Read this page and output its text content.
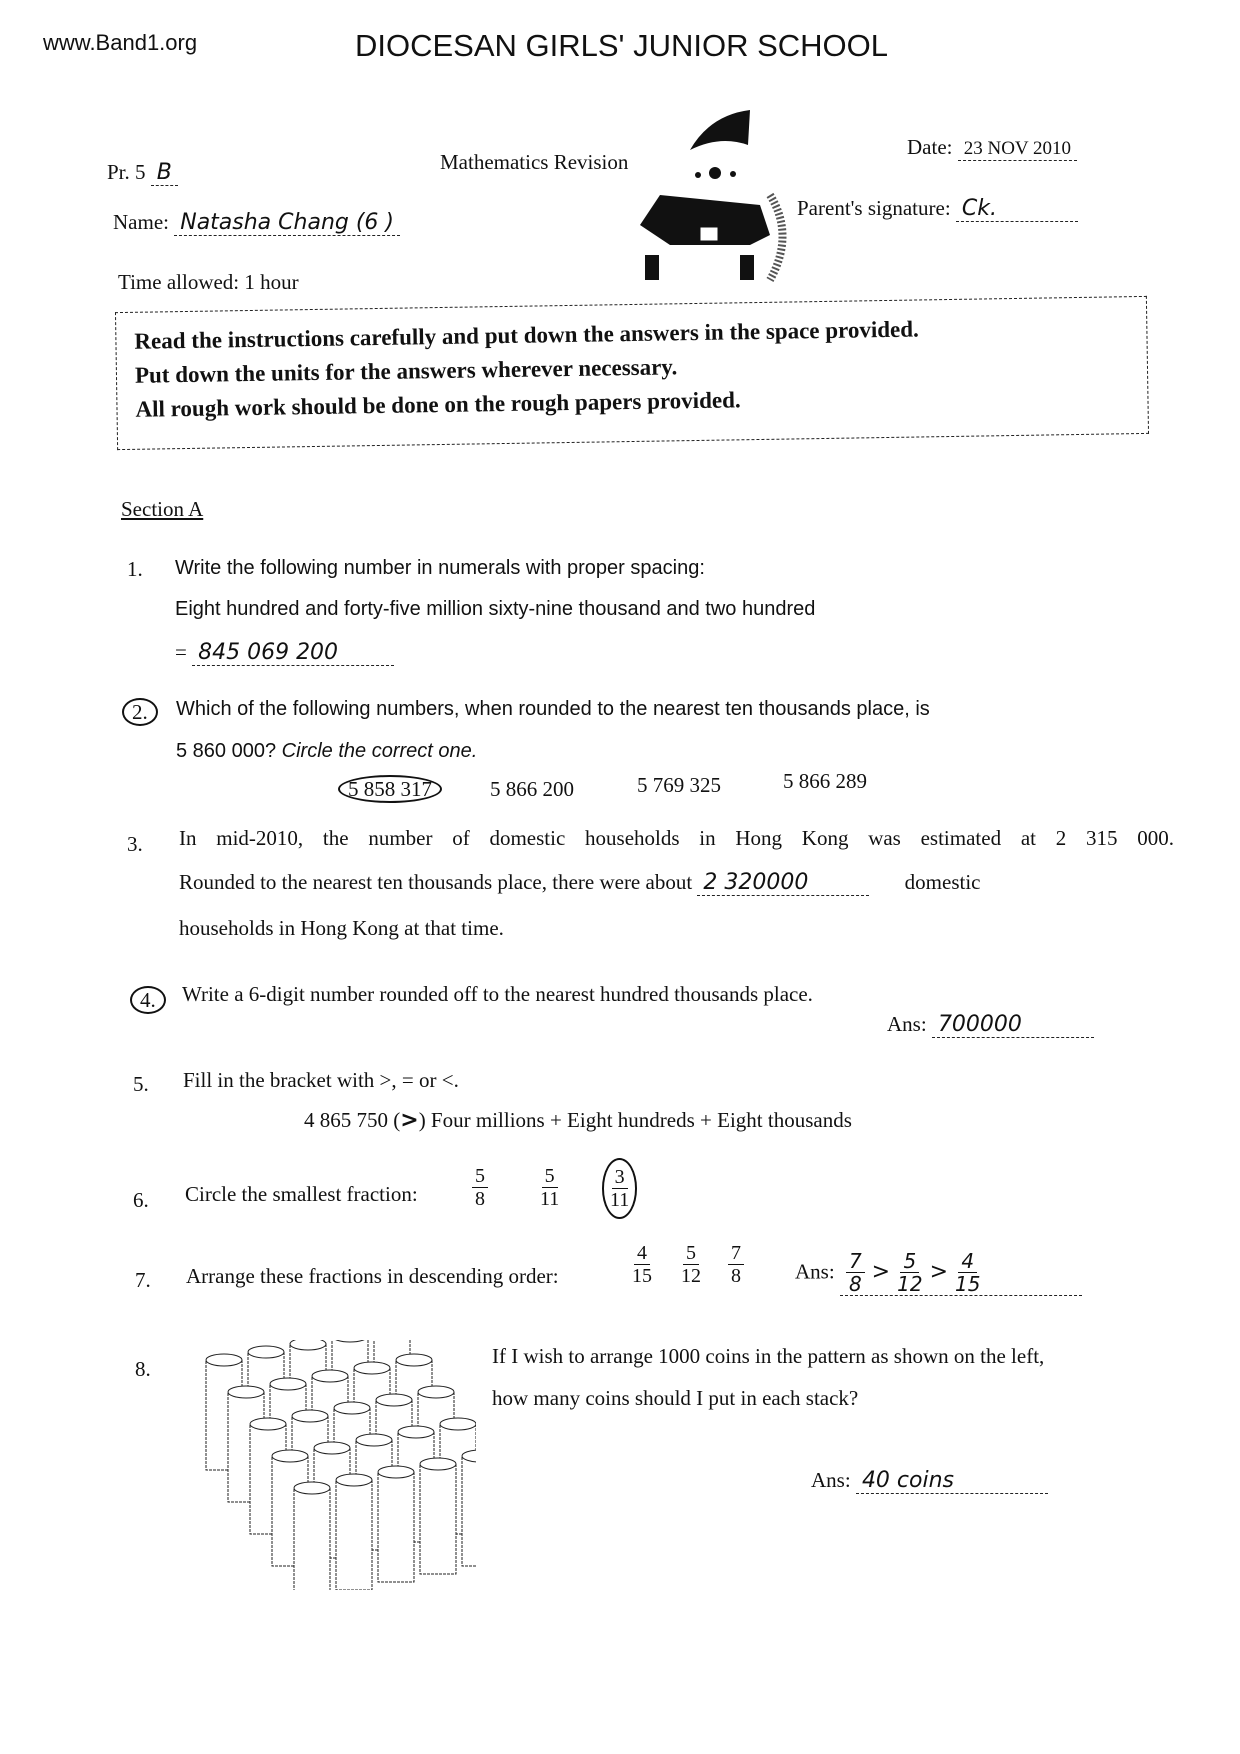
www.Band1.org	DIOCESAN GIRLS' JUNIOR SCHOOL
Pr. 5 B	Mathematics Revision
Date: 23 NOV 2010
Name: Natasha Chang (6 )
Parent's signature: Ck.
Time allowed: 1 hour
Read the instructions carefully and put down the answers in the space provided.
Put down the units for the answers wherever necessary.
All rough work should be done on the rough papers provided.
Section A
1. Write the following number in numerals with proper spacing:
Eight hundred and forty-five million sixty-nine thousand and two hundred
= 845 069 200
2.	Which of the following numbers, when rounded to the nearest ten thousands place, is
5 860 000? Circle the correct one.
5 858 317	5 866 200	5 769 325	5 866 289
3. In mid-2010, the number of domestic households in Hong Kong was estimated at 2 315 000.
Rounded to the nearest ten thousands place, there were about 2 320000	domestic
households in Hong Kong at that time.
4.	Write a 6-digit number rounded off to the nearest hundred thousands place.
Ans: 700000
5. Fill in the bracket with >, = or <.
4 865 750 (>) Four millions + Eight hundreds + Eight thousands
6. Circle the smallest fraction:	$\frac{5}{8}$	$\frac{5}{11}$	$\frac{3}{11}$
7. Arrange these fractions in descending order:	$\frac{4}{15} \frac{5}{12} \frac{7}{8}$ Ans: $\frac{7}{8} > \frac{5}{12} > \frac{4}{15}$
8.
If I wish to arrange 1000 coins in the pattern as shown on the left,
how many coins should I put in each stack?
Ans: 40 coins
